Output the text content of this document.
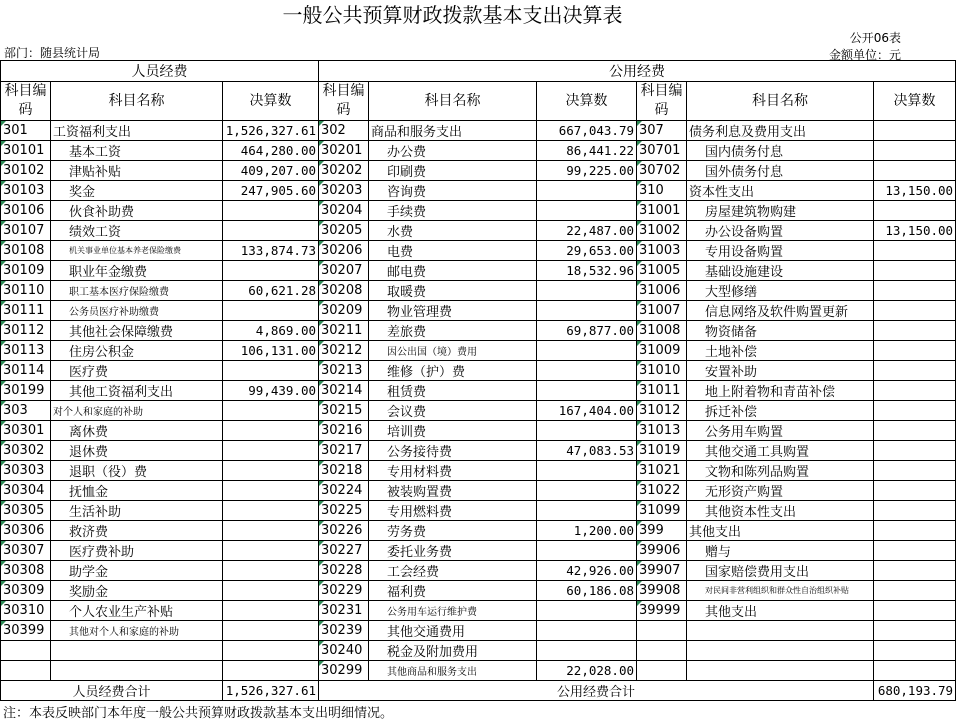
一般公共预算财政拨款基本支出决算表
部门：随县统计局
公开06表
金额单位：元
人员经费			公用经费					
科目编码	科目名称	决算数	科目编码	科目名称	决算数	科目编码	科目名称	决算数
301	工资福利支出	1,526,327.61	302	商品和服务支出	667,043.79	307	债务利息及费用支出	
30101	基本工资	464,280.00	30201	办公费	86,441.22	30701	国内债务付息	
30102	津贴补贴	409,207.00	30202	印刷费	99,225.00	30702	国外债务付息	
30103	奖金	247,905.60	30203	咨询费		310	资本性支出	13,150.00
30106	伙食补助费		30204	手续费		31001	房屋建筑物购建	
30107	绩效工资		30205	水费	22,487.00	31002	办公设备购置	13,150.00
30108	机关事业单位基本养老保险缴费	133,874.73	30206	电费	29,653.00	31003	专用设备购置	
30109	职业年金缴费		30207	邮电费	18,532.96	31005	基础设施建设	
30110	职工基本医疗保险缴费	60,621.28	30208	取暖费		31006	大型修缮	
30111	公务员医疗补助缴费		30209	物业管理费		31007	信息网络及软件购置更新	
30112	其他社会保障缴费	4,869.00	30211	差旅费	69,877.00	31008	物资储备	
30113	住房公积金	106,131.00	30212	因公出国（境）费用		31009	土地补偿	
30114	医疗费		30213	维修（护）费		31010	安置补助	
30199	其他工资福利支出	99,439.00	30214	租赁费		31011	地上附着物和青苗补偿	
303	对个人和家庭的补助		30215	会议费	167,404.00	31012	拆迁补偿	
30301	离休费		30216	培训费		31013	公务用车购置	
30302	退休费		30217	公务接待费	47,083.53	31019	其他交通工具购置	
30303	退职（役）费		30218	专用材料费		31021	文物和陈列品购置	
30304	抚恤金		30224	被装购置费		31022	无形资产购置	
30305	生活补助		30225	专用燃料费		31099	其他资本性支出	
30306	救济费		30226	劳务费	1,200.00	399	其他支出	
30307	医疗费补助		30227	委托业务费		39906	赠与	
30308	助学金		30228	工会经费	42,926.00	39907	国家赔偿费用支出	
30309	奖励金		30229	福利费	60,186.08	39908	对民间非营利组织和群众性自治组织补贴	
30310	个人农业生产补贴		30231	公务用车运行维护费		39999	其他支出	
30399	其他对个人和家庭的补助		30239	其他交通费用				
			30240	税金及附加费用				
			30299	其他商品和服务支出	22,028.00			
人员经费合计		1,526,327.61	公用经费合计					680,193.79
注：本表反映部门本年度一般公共预算财政拨款基本支出明细情况。
